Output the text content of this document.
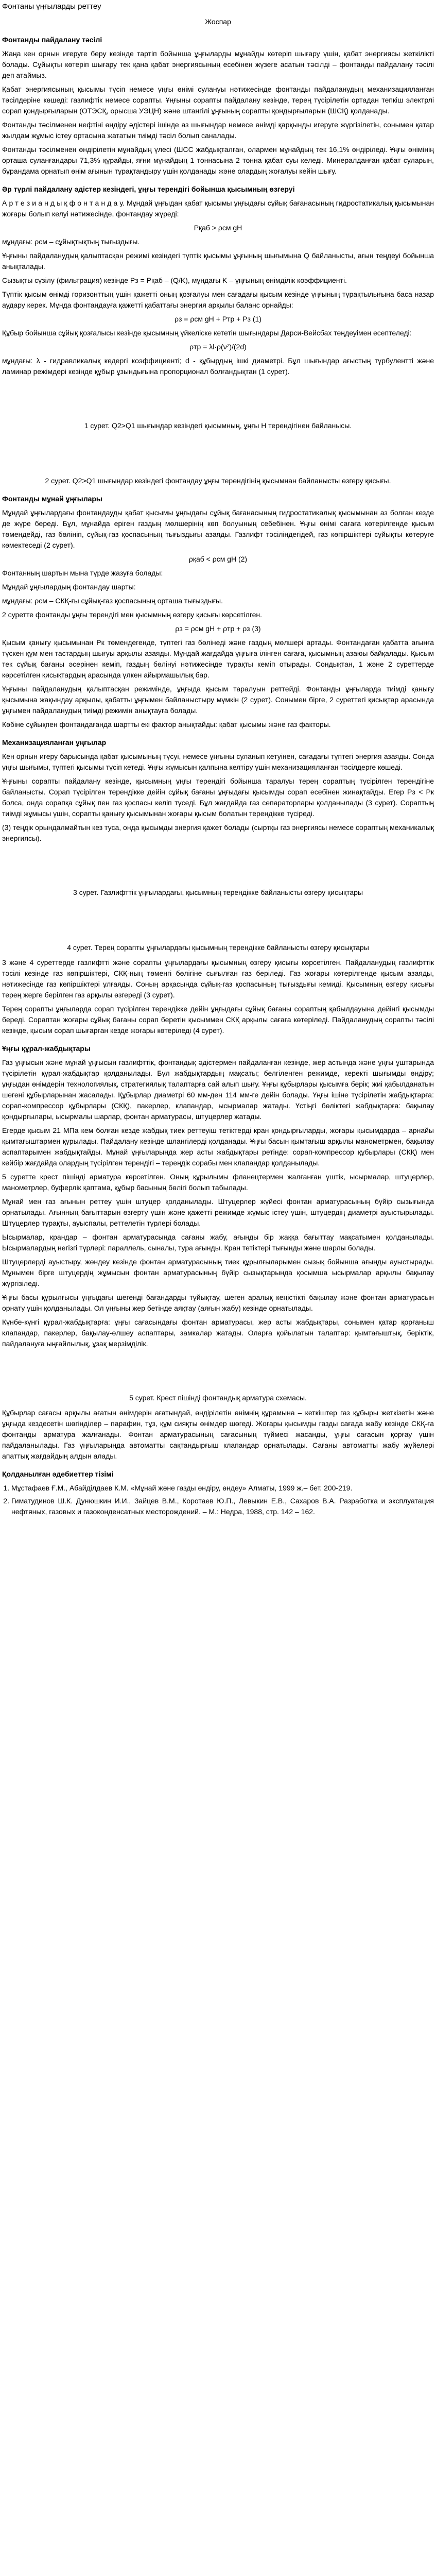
Фонтаны ұңғыларды реттеу
Жоспар
Фонтанды пайдалану тәсілі

Жаңа кен орнын игеруге беру кезінде тартіп бойынша ұңғыларды мұнайды көтеріп шығару үшін, қабат энергиясы жеткілікті болады. Сұйықты көтеріп шығару тек қана қабат энергиясының есебінен жүзеге асатын тәсілді – фонтанды пайдалану тәсілі деп атаймыз.

Қабат энергиясының қысымы түсіп немесе ұңғы өнімі сулануы нәтижесінде фонтанды пайдаланудың механизацияланған тәсілдеріне көшеді: газлифтік немесе сорапты. Ұңғыны сорапты пайдалану кезінде, терең түсірілетін ортадан тепкіш электрлі сорап қондырғыларын (ОТЭСҚ, орысша УЭЦН) және штангілі ұңғының сорапты қондырғыларын (ШСҚ) қолданады.

Фонтанды тәсілменен нефтіні өндіру әдістері ішінде аз шығындар немесе өнімді қарқынды игеруге жүргізілетін, сонымен қатар жылдам жұмыс істеу ортасына жататын тиімді тәсіл болып саналады.

Фонтанды тәсілменен өндірілетін мұнайдың үлесі (ШСС жабдықталған, олармен мұнайдың тек 16,1% өндіріледі. Ұңғы өнімінің орташа суланғандары 71,3% құрайды, яғни мұнайдың 1 тоннасына 2 тонна қабат суы келеді. Минералданған қабат суларын, бұрандама орнатып өнім ағынын тұрақтандыру үшін қолданады және олардың жоғалуы кейін шығу.

Әр түрлі пайдалану әдістер кезіндегі, ұңғы терендігі бойынша қысымның өзгеруі

А р т е з и а н д ы қ ф о н т а н д а у. Мұндай ұңғыдан қабат қысымы ұңғыдағы сұйық бағанасының гидростатикалық қысымынан жоғары болып келуі нәтижесінде, фонтандау жүреді:

Рқаб > ρсм gH

мұндағы: ρсм – сұйықтықтың тығыздығы.

Ұңғыны пайдаланудың қалыптасқан режимі кезіндегі түптік қысымы ұңғының шығымына Q байланысты, ағын теңдеуі бойынша анықталады.

Сызықты сүзілу (фильтрация) кезінде Рз = Рқаб – (Q/K), мұндағы K – ұңғының өнімділік коэффициенті.

Түптік қысым өнімді горизонттың үшін қажетті оның қозғалуы мен сағадағы қысым кезінде ұңғының тұрақтылығына баса назар аудару керек. Мұнда фонтандауға қажетті қабаттағы энергия арқылы баланс орнайды:

ρз = ρсм gH + Ртр + Рз (1)

Құбыр бойынша сұйық қозғалысы кезінде қысымның үйкеліске кететін шығындары Дарси-Вейсбах теңдеуімен есептеледі:

ρтр = λl·ρ(ν²)/(2d)

мұндағы: λ - гидравликалық кедергі коэффициенті; d - құбырдың ішкі диаметрі. Бұл шығындар ағыстың түрбулентті және ламинар режімдері кезінде құбыр ұзындығына пропорционал болғандықтан (1 сурет).

1 сурет. Q2>Q1 шығындар кезіндегі қысымның, ұңғы Н терендігінен байланысы.
2 сурет. Q2>Q1 шығындар кезіндегі фонтандау ұңғы терендігінің қысымнан байланысты өзгеру қисығы.
Фонтанды мұнай ұңғылары

Мұндай ұңғылардағы фонтандауды қабат қысымы ұңғыдағы сұйық бағанасының гидростатикалық қысымынан аз болған кезде де жүре береді. Бұл, мұнайда еріген газдың мөлшерінің көп болуының себебінен. Ұңғы өнімі сағаға көтерілгенде қысым төмендейді, газ бөлініп, сұйық-газ қоспасының тығыздығы азаяды. Газлифт тәсіліндегідей, газ көпіршіктері сұйықты көтеруге көмектеседі (2 сурет).

ρқаб < ρсм gH (2)

Фонтанның шартын мына түрде жазуға болады:

Мұндай ұңғылардың фонтандау шарты:

мұндағы: ρсм – СКҚ-ғы сұйық-газ қоспасының орташа тығыздығы.

2 суретте фонтанды ұңғы терендігі мен қысымның өзгеру қисығы көрсетілген.

ρз = ρсм gH + ρтр + ρз (3)

Қысым қанығу қысымынан Рк төмендегенде, түптегі газ бөлінеді және газдың мөлшері артады. Фонтандаған қабатта ағынға түскен құм мен тастардың шығуы арқылы азаяды. Мұндай жағдайда ұңғыға ілінген сағаға, қысымның азаюы байқалады. Қысым тек сұйық бағаны әсерінен кеміп, газдың бөлінуі нәтижесінде тұрақты кеміп отырады. Сондықтан, 1 және 2 суреттерде көрсетілген қисықтардың арасында үлкен айырмашылық бар.

Ұңғыны пайдаланудың қалыптасқан режимінде, ұңғыда қысым таралуын реттейді. Фонтанды ұңғыларда тиімді қанығу қысымына жақындау арқылы, қабатты ұңғымен байланыстыру мүмкін (2 сурет). Сонымен бірге, 2 суреттегі қисықтар арасында ұңғымен пайдаланудың тиімді режимін анықтауға болады.

Көбіне сұйықпен фонтандағанда шартты екі фактор анықтайды: қабат қысымы және газ факторы.

Механизацияланған ұңғылар

Кен орнын игеру барысында қабат қысымының түсуі, немесе ұңғыны суланып кетуінен, сағадағы түптегі энергия азаяды. Сонда ұңғы шығымы, түптегі қысымы түсіп кетеді. Ұңғы жұмысын қалпына келтіру үшін механизацияланған тәсілдерге көшеді.

Ұңғыны сорапты пайдалану кезінде, қысымның ұңғы терендігі бойынша таралуы терең сораптың түсірілген терендігіне байланысты. Сорап түсірілген терендікке дейін сұйық бағаны ұңғыдағы қысымды сорап есебінен жинақтайды. Егер Рз < Рк болса, онда сорапқа сұйық пен газ қоспасы келіп түседі. Бұл жағдайда газ сепараторлары қолданылады (3 сурет). Сораптың тиімді жұмысы үшін, сорапты қанығу қысымынан жоғары қысым болатын терендікке түсіреді.

(3) теңдік орындалмайтын кез туса, онда қысымды энергия қажет болады (сыртқы газ энергиясы немесе сораптың механикалық энергиясы).

3 сурет. Газлифттік ұңғылардағы, қысымның терендікке байланысты өзгеру қисықтары
4 сурет. Терең сорапты ұңғылардағы қысымның терендікке байланысты өзгеру қисықтары

3 және 4 суреттерде газлифтті және сорапты ұңғылардағы қысымның өзгеру қисығы көрсетілген. Пайдаланудың газлифттік тәсілі кезінде газ көпіршіктері, СКҚ-ның төменгі бөлігіне сығылған газ беріледі. Газ жоғары көтерілгенде қысым азаяды, нәтижесінде газ көпіршіктері ұлғаяды. Соның арқасында сұйық-газ қоспасының тығыздығы кемиді. Қысымның өзгеру қисығы терең жерге берілген газ арқылы өзгереді (3 сурет).

Терең сорапты ұңғыларда сорап түсірілген терендікке дейін ұңғыдағы сұйық бағаны сораптың қабылдауына дейінгі қысымды береді. Сораптан жоғары сұйық бағаны сорап беретін қысыммен СКҚ арқылы сағаға көтеріледі. Пайдаланудың сорапты тәсілі кезінде, қысым сорап шығарған кезде жоғары көтеріледі (4 сурет).

Ұңғы құрал-жабдықтары

Газ ұңғысын және мұнай ұңғысын газлифттік, фонтандық әдістермен пайдаланған кезінде, жер астында және ұңғы ұштарында түсірілетін құрал-жабдықтар қолданылады. Бұл жабдықтардың мақсаты; белгіленген режимде, керекті шығымды өндіру; ұңғыдан өнімдерін технологиялық, стратегиялық талаптарға сай алып шығу. Ұңғы құбырлары қысымға берік; жиі қабылданатын шегені құбырларынан жасалады. Құбырлар диаметрі 60 мм-ден 114 мм-ге дейін болады. Ұңғы ішіне түсірілетін жабдықтарға: сорап-компрессор құбырлары (СКҚ), пакерлер, клапандар, ысырмалар жатады. Үстіңгі бөліктегі жабдықтарға: бақылау қондырғылары, ысырмалы шарлар, фонтан арматурасы, штуцерлер жатады.

Егерде қысым 21 МПа кем болған кезде жабдық тиек реттеуіш тетіктерді кран қондырғыларды, жоғары қысымдарда – арнайы қымтағыштармен құрылады. Пайдалану кезінде шлангілерді қолданады. Ұңғы басын қымтағыш арқылы манометрмен, бақылау аспаптарымен жабдықтайды. Мұнай ұңғыларында жер асты жабдықтары ретінде: сорап-компрессор құбырлары (СКҚ) мен кейбір жағдайда олардың түсірілген терендігі – тереңдік сорабы мен клапандар қолданылады.

5 суретте крест пішінді арматура көрсетілген. Оның құрылымы фланецтермен жалғанған үштік, ысырмалар, штуцерлер, манометрлер, буферлік қаптама, құбыр басының бөлігі болып табылады.

Мұнай мен газ ағынын реттеу үшін штуцер қолданылады. Штуцерлер жүйесі фонтан арматурасының бүйір сызығында орнатылады. Ағынның бағыттарын өзгерту үшін және қажетті режимде жұмыс істеу үшін, штуцердің диаметрі ауыстырылады. Штуцерлер тұрақты, ауыспалы, реттелетін түрлері болады.

Ысырмалар, крандар – фонтан арматурасында сағаны жабу, ағынды бір жаққа бағыттау мақсатымен қолданылады. Ысырмалардың негізгі түрлері: параллель, сыналы, тура ағынды. Кран тетіктері тығынды және шарлы болады.

Штуцерлерді ауыстыру, жөндеу кезінде фонтан арматурасының тиек құрылғыларымен сызық бойынша ағынды ауыстырады. Мұнымен бірге штуцердің жұмысын фонтан арматурасының бүйір сызықтарында қосымша ысырмалар арқылы бақылау жүргізіледі.

Ұңғы басы құрылғысы ұңғыдағы шегенді бағандарды тұйықтау, шеген аралық кеңістікті бақылау және фонтан арматурасын орнату үшін қолданылады. Ол ұңғыны жер бетінде аяқтау (аяғын жабу) кезінде орнатылады.

Күнбе-күнгі құрал-жабдықтарға: ұңғы сағасындағы фонтан арматурасы, жер асты жабдықтары, сонымен қатар қорғаныш клапандар, пакерлер, бақылау-өлшеу аспаптары, замкалар жатады. Оларға қойылатын талаптар: қымтағыштық, беріктік, пайдалануға ыңғайлылық, ұзақ мерзімділік.

5 сурет. Крест пішінді фонтандық арматура схемасы.

Құбырлар сағасы арқылы ағатын өнімдерін ағатындай, өндірілетін өнімнің құрамына – кеткіштер газ құбыры жеткізетін және ұңғыда кездесетін шөгінділер – парафин, тұз, құм сияқты өнімдер шөгеді. Жоғары қысымды газды сағада жабу кезінде СКҚ-ға фонтанды арматура жалғанады. Фонтан арматурасының сағасының түймесі жасанды, ұңғы сағасын қорғау үшін пайдаланылады. Газ ұңғыларында автоматты сақтандырғыш клапандар орнатылады. Сағаны автоматты жабу жүйелері апаттық жағдайдың алдын алады.

Қолданылған әдебиеттер тізімі
1. Мұстафаев Ғ.М., Абайділдаев К.М. «Мұнай және газды өндіру, өндеу» Алматы, 1999 ж.– бет. 200-219.
2. Гиматудинов Ш.К. Дунюшкин И.И., Зайцев В.М., Коротаев Ю.П., Левыкин Е.В., Сахаров В.А. Разработка и эксплуатация нефтяных, газовых и газоконденсатных месторождений. – М.: Недра, 1988, стр. 142 – 162.
